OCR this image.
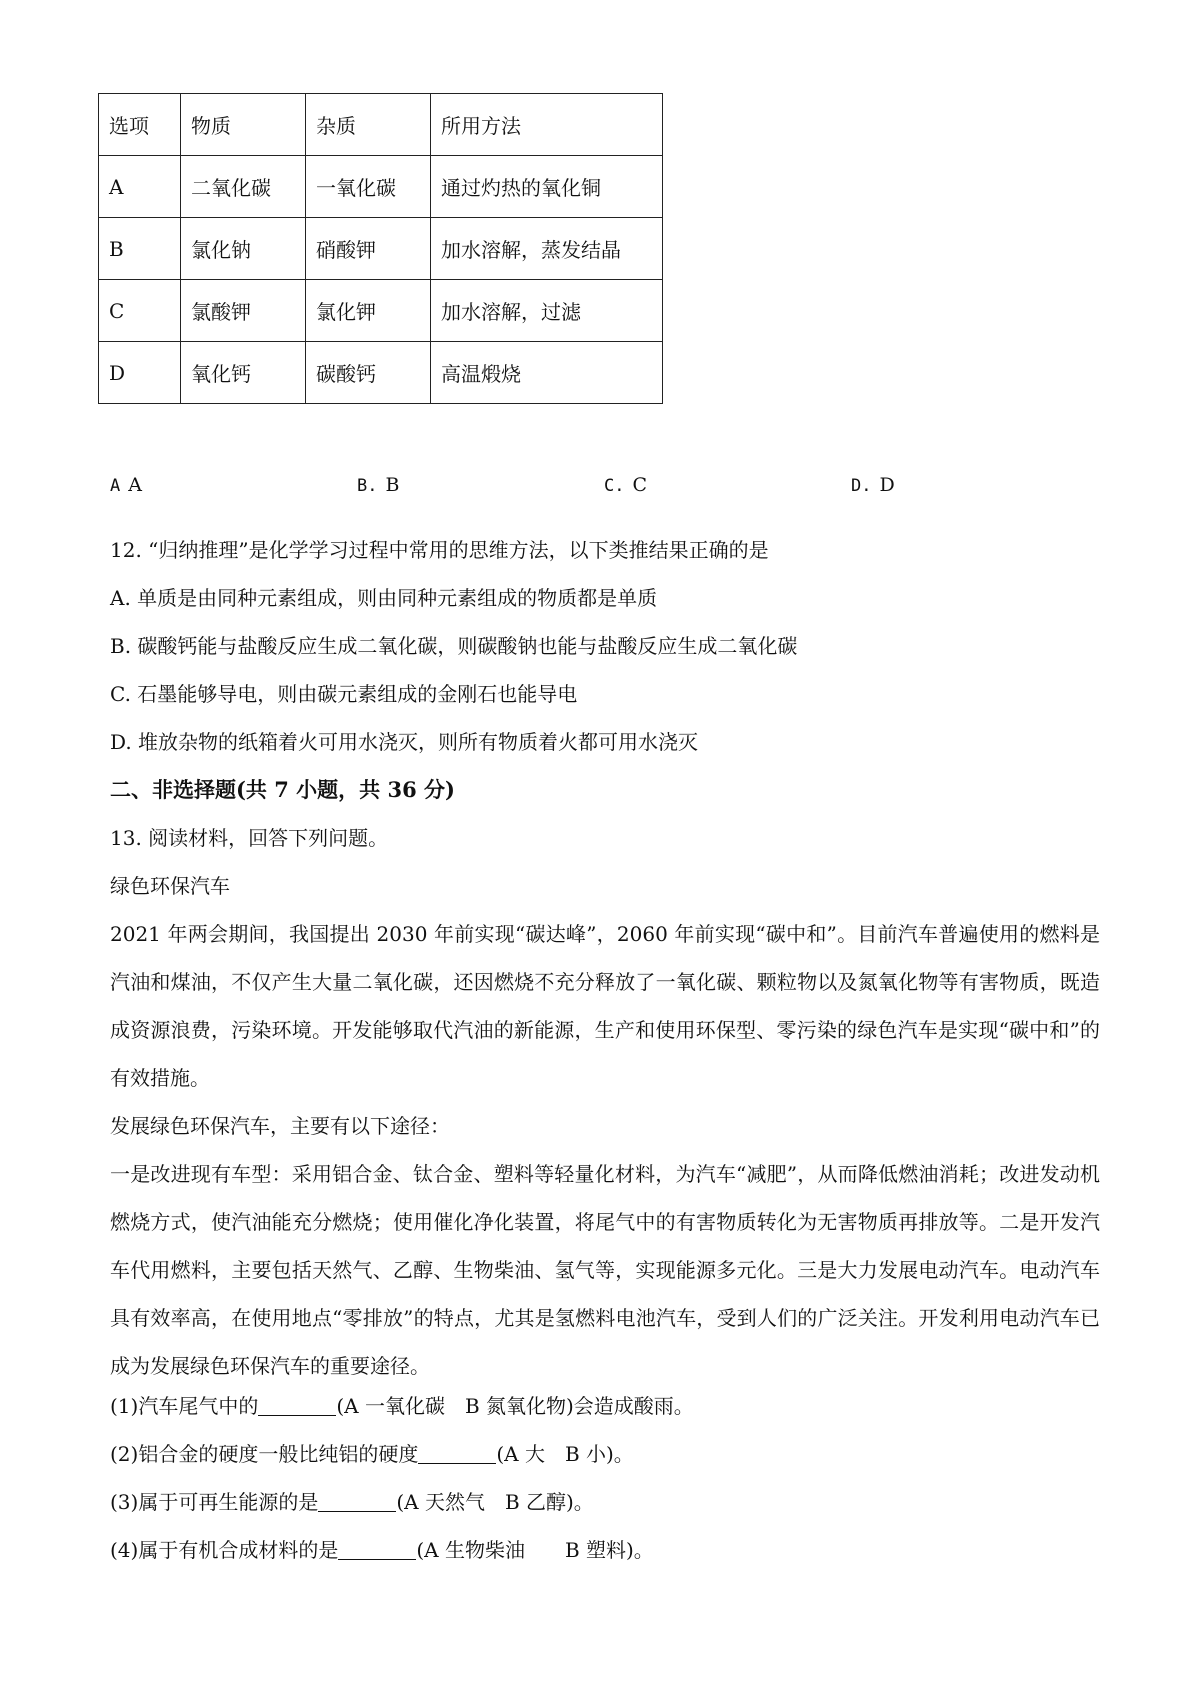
选项	物质	杂质	所用方法
A	二氧化碳	一氧化碳	通过灼热的氧化铜
B	氯化钠	硝酸钾	加水溶解，蒸发结晶
C	氯酸钾	氯化钾	加水溶解，过滤
D	氧化钙	碳酸钙	高温煅烧
A A	B. B	C. C	D. D
12. “归纳推理”是化学学习过程中常用的思维方法，以下类推结果正确的是
A. 单质是由同种元素组成，则由同种元素组成的物质都是单质
B. 碳酸钙能与盐酸反应生成二氧化碳，则碳酸钠也能与盐酸反应生成二氧化碳
C. 石墨能够导电，则由碳元素组成的金刚石也能导电
D. 堆放杂物的纸箱着火可用水浇灭，则所有物质着火都可用水浇灭
二、非选择题(共 7 小题，共 36 分)
13. 阅读材料，回答下列问题。
绿色环保汽车

2021 年两会期间，我国提出 2030 年前实现“碳达峰”，2060 年前实现“碳中和”。目前汽车普遍使用的燃料是汽油和煤油，不仅产生大量二氧化碳，还因燃烧不充分释放了一氧化碳、颗粒物以及氮氧化物等有害物质，既造成资源浪费，污染环境。开发能够取代汽油的新能源，生产和使用环保型、零污染的绿色汽车是实现“碳中和”的有效措施。

发展绿色环保汽车，主要有以下途径：

一是改进现有车型：采用铝合金、钛合金、塑料等轻量化材料，为汽车“减肥”，从而降低燃油消耗；改进发动机　燃烧方式，使汽油能充分燃烧；使用催化净化装置，将尾气中的有害物质转化为无害物质再排放等。二是开发汽车代用燃料，主要包括天然气、乙醇、生物柴油、氢气等，实现能源多元化。三是大力发展电动汽车。电动汽车具有效率高，在使用地点“零排放”的特点，尤其是氢燃料电池汽车，受到人们的广泛关注。开发利用电动汽车已成为发展绿色环保汽车的重要途径。

(1)汽车尾气中的	(A 一氧化碳　B 氮氧化物)会造成酸雨。
(2)铝合金的硬度一般比纯铝的硬度	(A 大　B 小)。
(3)属于可再生能源的是	(A 天然气　B 乙醇)。
(4)属于有机合成材料的是	(A 生物柴油　　B 塑料)。
